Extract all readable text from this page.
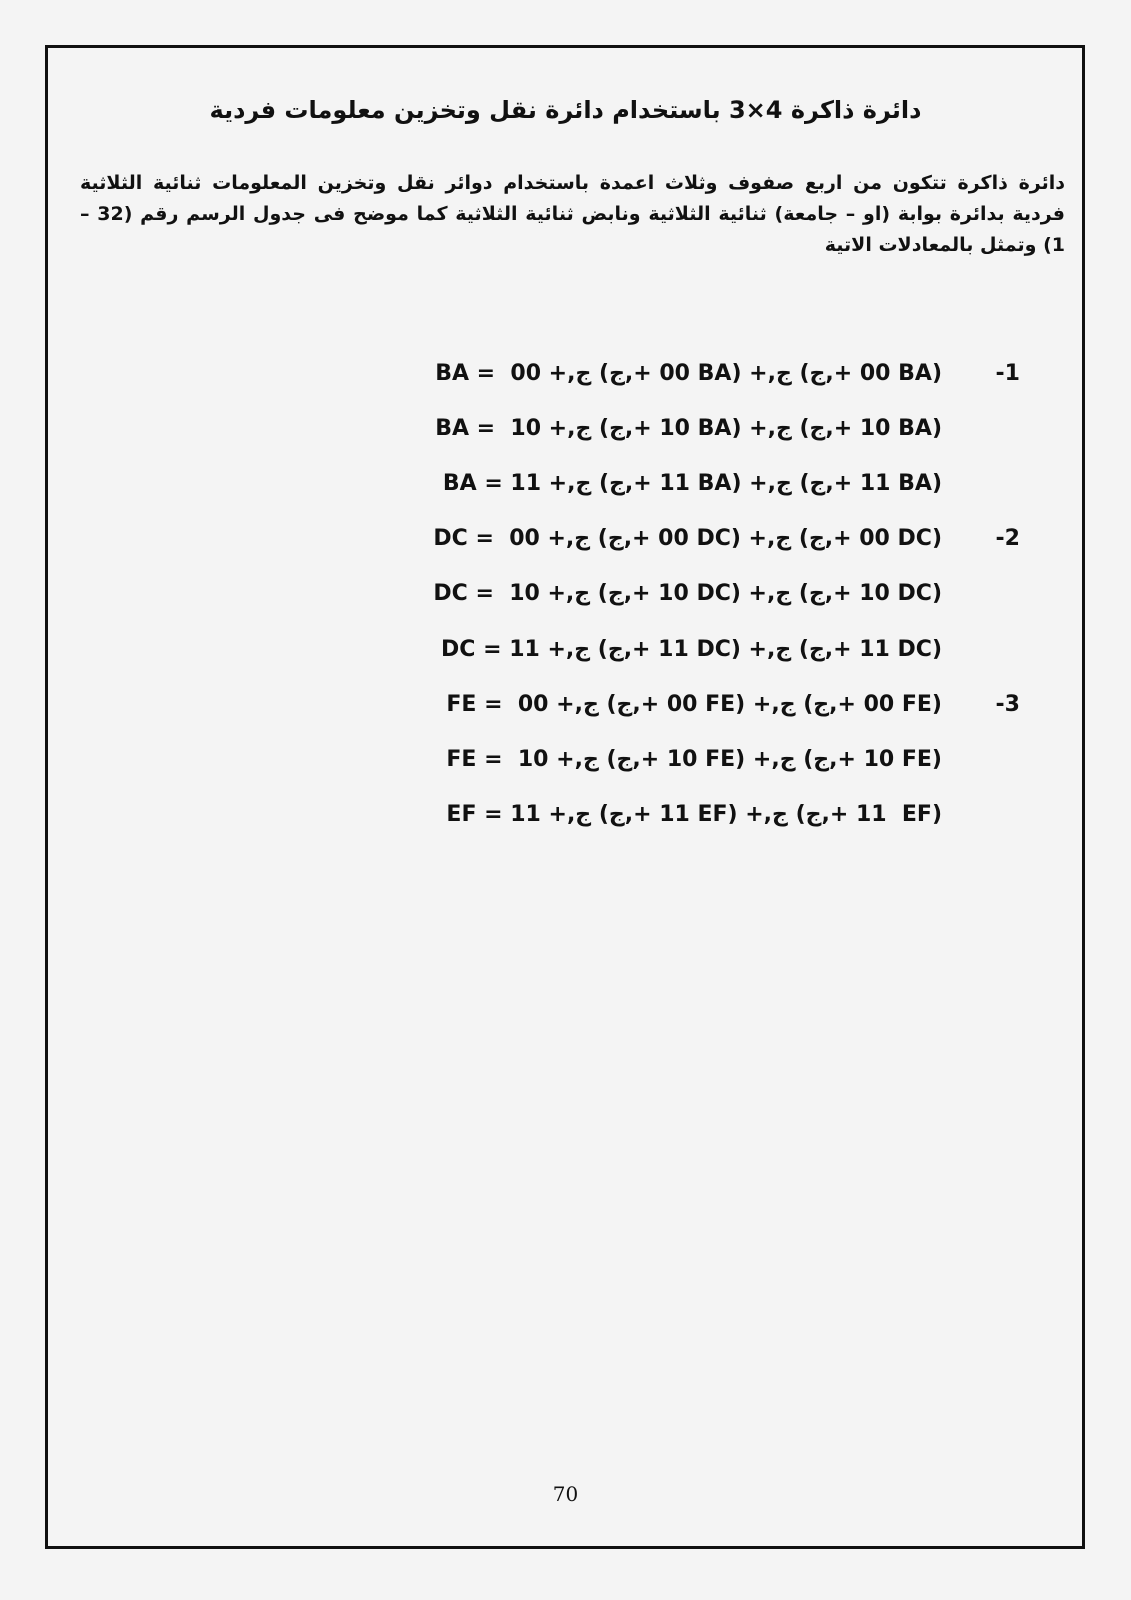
دائرة ذاكرة 4×3 باستخدام دائرة نقل وتخزين معلومات فردية

دائرة ذاكرة تتكون من اربع صفوف وثلاث اعمدة باستخدام دوائر نقل وتخزين المعلومات ثنائية الثلاثية فردية بدائرة بوابة (او – جامعة) ثنائية الثلاثية ونابض ثنائية الثلاثية كما موضح فى جدول الرسم رقم (32 – 1) وتمثل بالمعادلات الاتية

BA =  00 +,ج (00 +,ج BA) +,ج (00 +,ج BA) -1
BA =  10 +,ج (10 +,ج BA) +,ج (10 +,ج BA)
BA = 11 +,ج (11 +,ج BA) +,ج (11 +,ج BA)
DC =  00 +,ج (00 +,ج DC) +,ج (00 +,ج DC) -2
DC =  10 +,ج (10 +,ج DC) +,ج (10 +,ج DC)
DC = 11 +,ج (11 +,ج DC) +,ج (11 +,ج DC)
FE =  00 +,ج (00 +,ج FE) +,ج (00 +,ج FE) -3
FE =  10 +,ج (10 +,ج FE) +,ج (10 +,ج FE)
EF = 11 +,ج (11 +,ج EF) +,ج (11 +,ج  EF)
70
